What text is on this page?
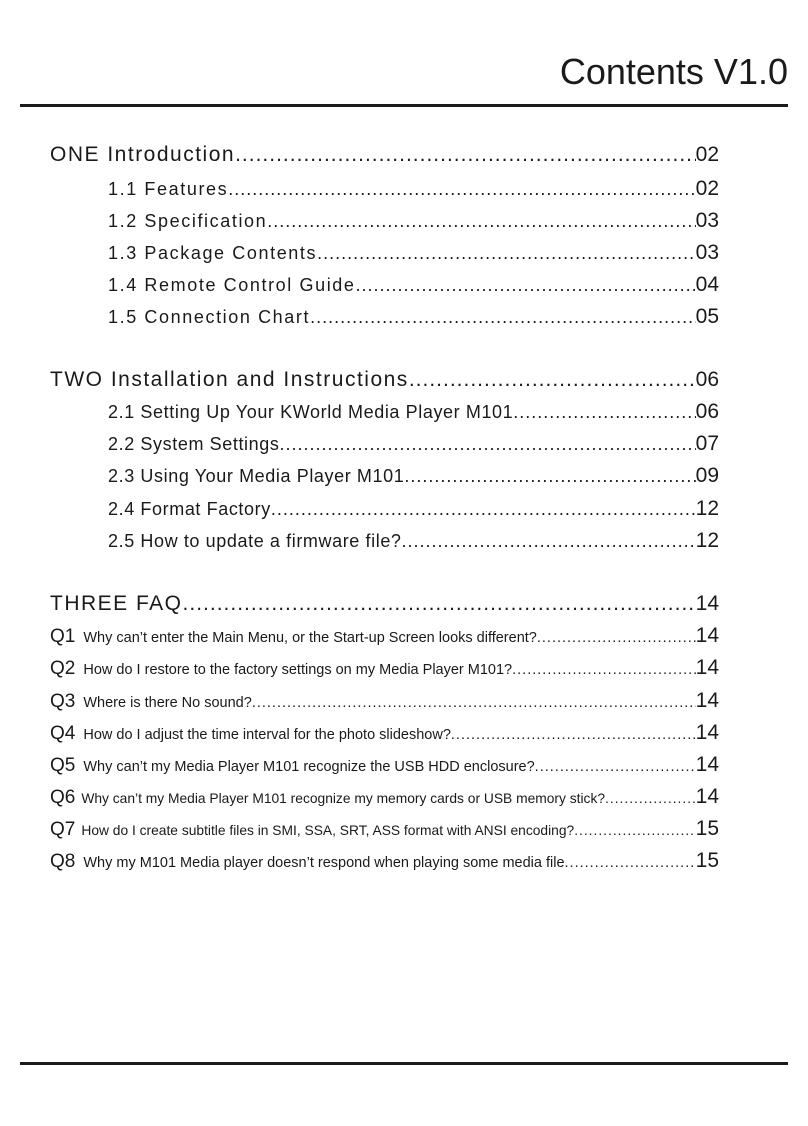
Contents V1.0
ONE Introduction .....	02
1.1 Features .....	02
1.2 Specification .....	03
1.3 Package Contents .....	03
1.4 Remote Control Guide .....	04
1.5 Connection Chart .....	05
TWO Installation and Instructions .....	06
2.1 Setting Up Your KWorld Media Player M101 .....	06
2.2 System Settings .....	07
2.3 Using Your Media Player M101 .....	09
2.4 Format Factory .....	12
2.5 How to update a firmware file? .....	12
THREE FAQ .....	14
Q1 Why can’t enter the Main Menu, or the Start-up Screen looks different? .....	14
Q2 How do I restore to the factory settings on my Media Player M101? .....	14
Q3 Where is there No sound? .....	14
Q4 How do I adjust the time interval for the photo slideshow? .....	14
Q5 Why can’t my Media Player M101 recognize the USB HDD enclosure? .....	14
Q6 Why can’t my Media Player M101 recognize my memory cards or USB memory stick? .....	14
Q7 How do I create subtitle files in SMI, SSA, SRT, ASS format with ANSI encoding? .....	15
Q8 Why my M101 Media player doesn’t respond when playing some media file .....	15
